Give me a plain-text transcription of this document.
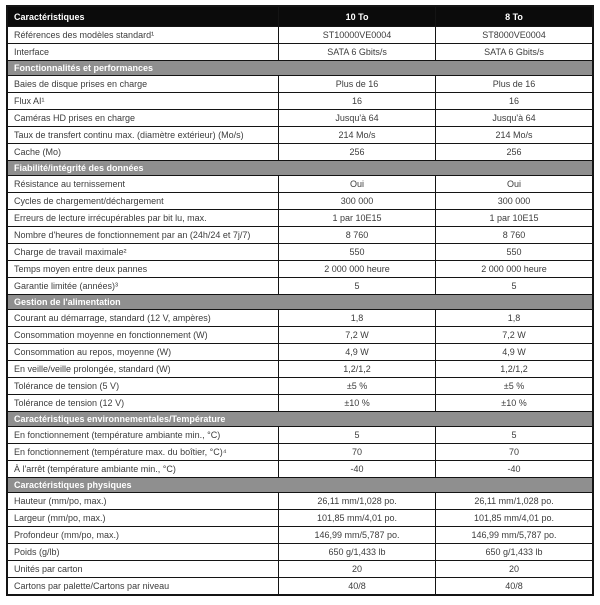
Caractéristiques	10 To	8 To
Références des modèles standard¹	ST10000VE0004	ST8000VE0004
Interface	SATA 6 Gbits/s	SATA 6 Gbits/s
Fonctionnalités et performances		
Baies de disque prises en charge	Plus de 16	Plus de 16
Flux AI¹	16	16
Caméras HD prises en charge	Jusqu'à 64	Jusqu'à 64
Taux de transfert continu max. (diamètre extérieur) (Mo/s)	214 Mo/s	214 Mo/s
Cache (Mo)	256	256
Fiabilité/intégrité des données		
Résistance au ternissement	Oui	Oui
Cycles de chargement/déchargement	300 000	300 000
Erreurs de lecture irrécupérables par bit lu, max.	1 par 10E15	1 par 10E15
Nombre d'heures de fonctionnement par an (24h/24 et 7j/7)	8 760	8 760
Charge de travail maximale²	550	550
Temps moyen entre deux pannes	2 000 000 heure	2 000 000 heure
Garantie limitée (années)³	5	5
Gestion de l'alimentation		
Courant au démarrage, standard (12 V, ampères)	1,8	1,8
Consommation moyenne en fonctionnement (W)	7,2 W	7,2 W
Consommation au repos, moyenne (W)	4,9 W	4,9 W
En veille/veille prolongée, standard (W)	1,2/1,2	1,2/1,2
Tolérance de tension (5 V)	±5 %	±5 %
Tolérance de tension (12 V)	±10 %	±10 %
Caractéristiques environnementales/Température		
En fonctionnement (température ambiante min., °C)	5	5
En fonctionnement (température max. du boîtier, °C)⁴	70	70
À l'arrêt (température ambiante min., °C)	-40	-40
Caractéristiques physiques		
Hauteur (mm/po, max.)	26,11 mm/1,028 po.	26,11 mm/1,028 po.
Largeur (mm/po, max.)	101,85 mm/4,01 po.	101,85 mm/4,01 po.
Profondeur (mm/po, max.)	146,99 mm/5,787 po.	146,99 mm/5,787 po.
Poids (g/lb)	650 g/1,433 lb	650 g/1,433 lb
Unités par carton	20	20
Cartons par palette/Cartons par niveau	40/8	40/8
